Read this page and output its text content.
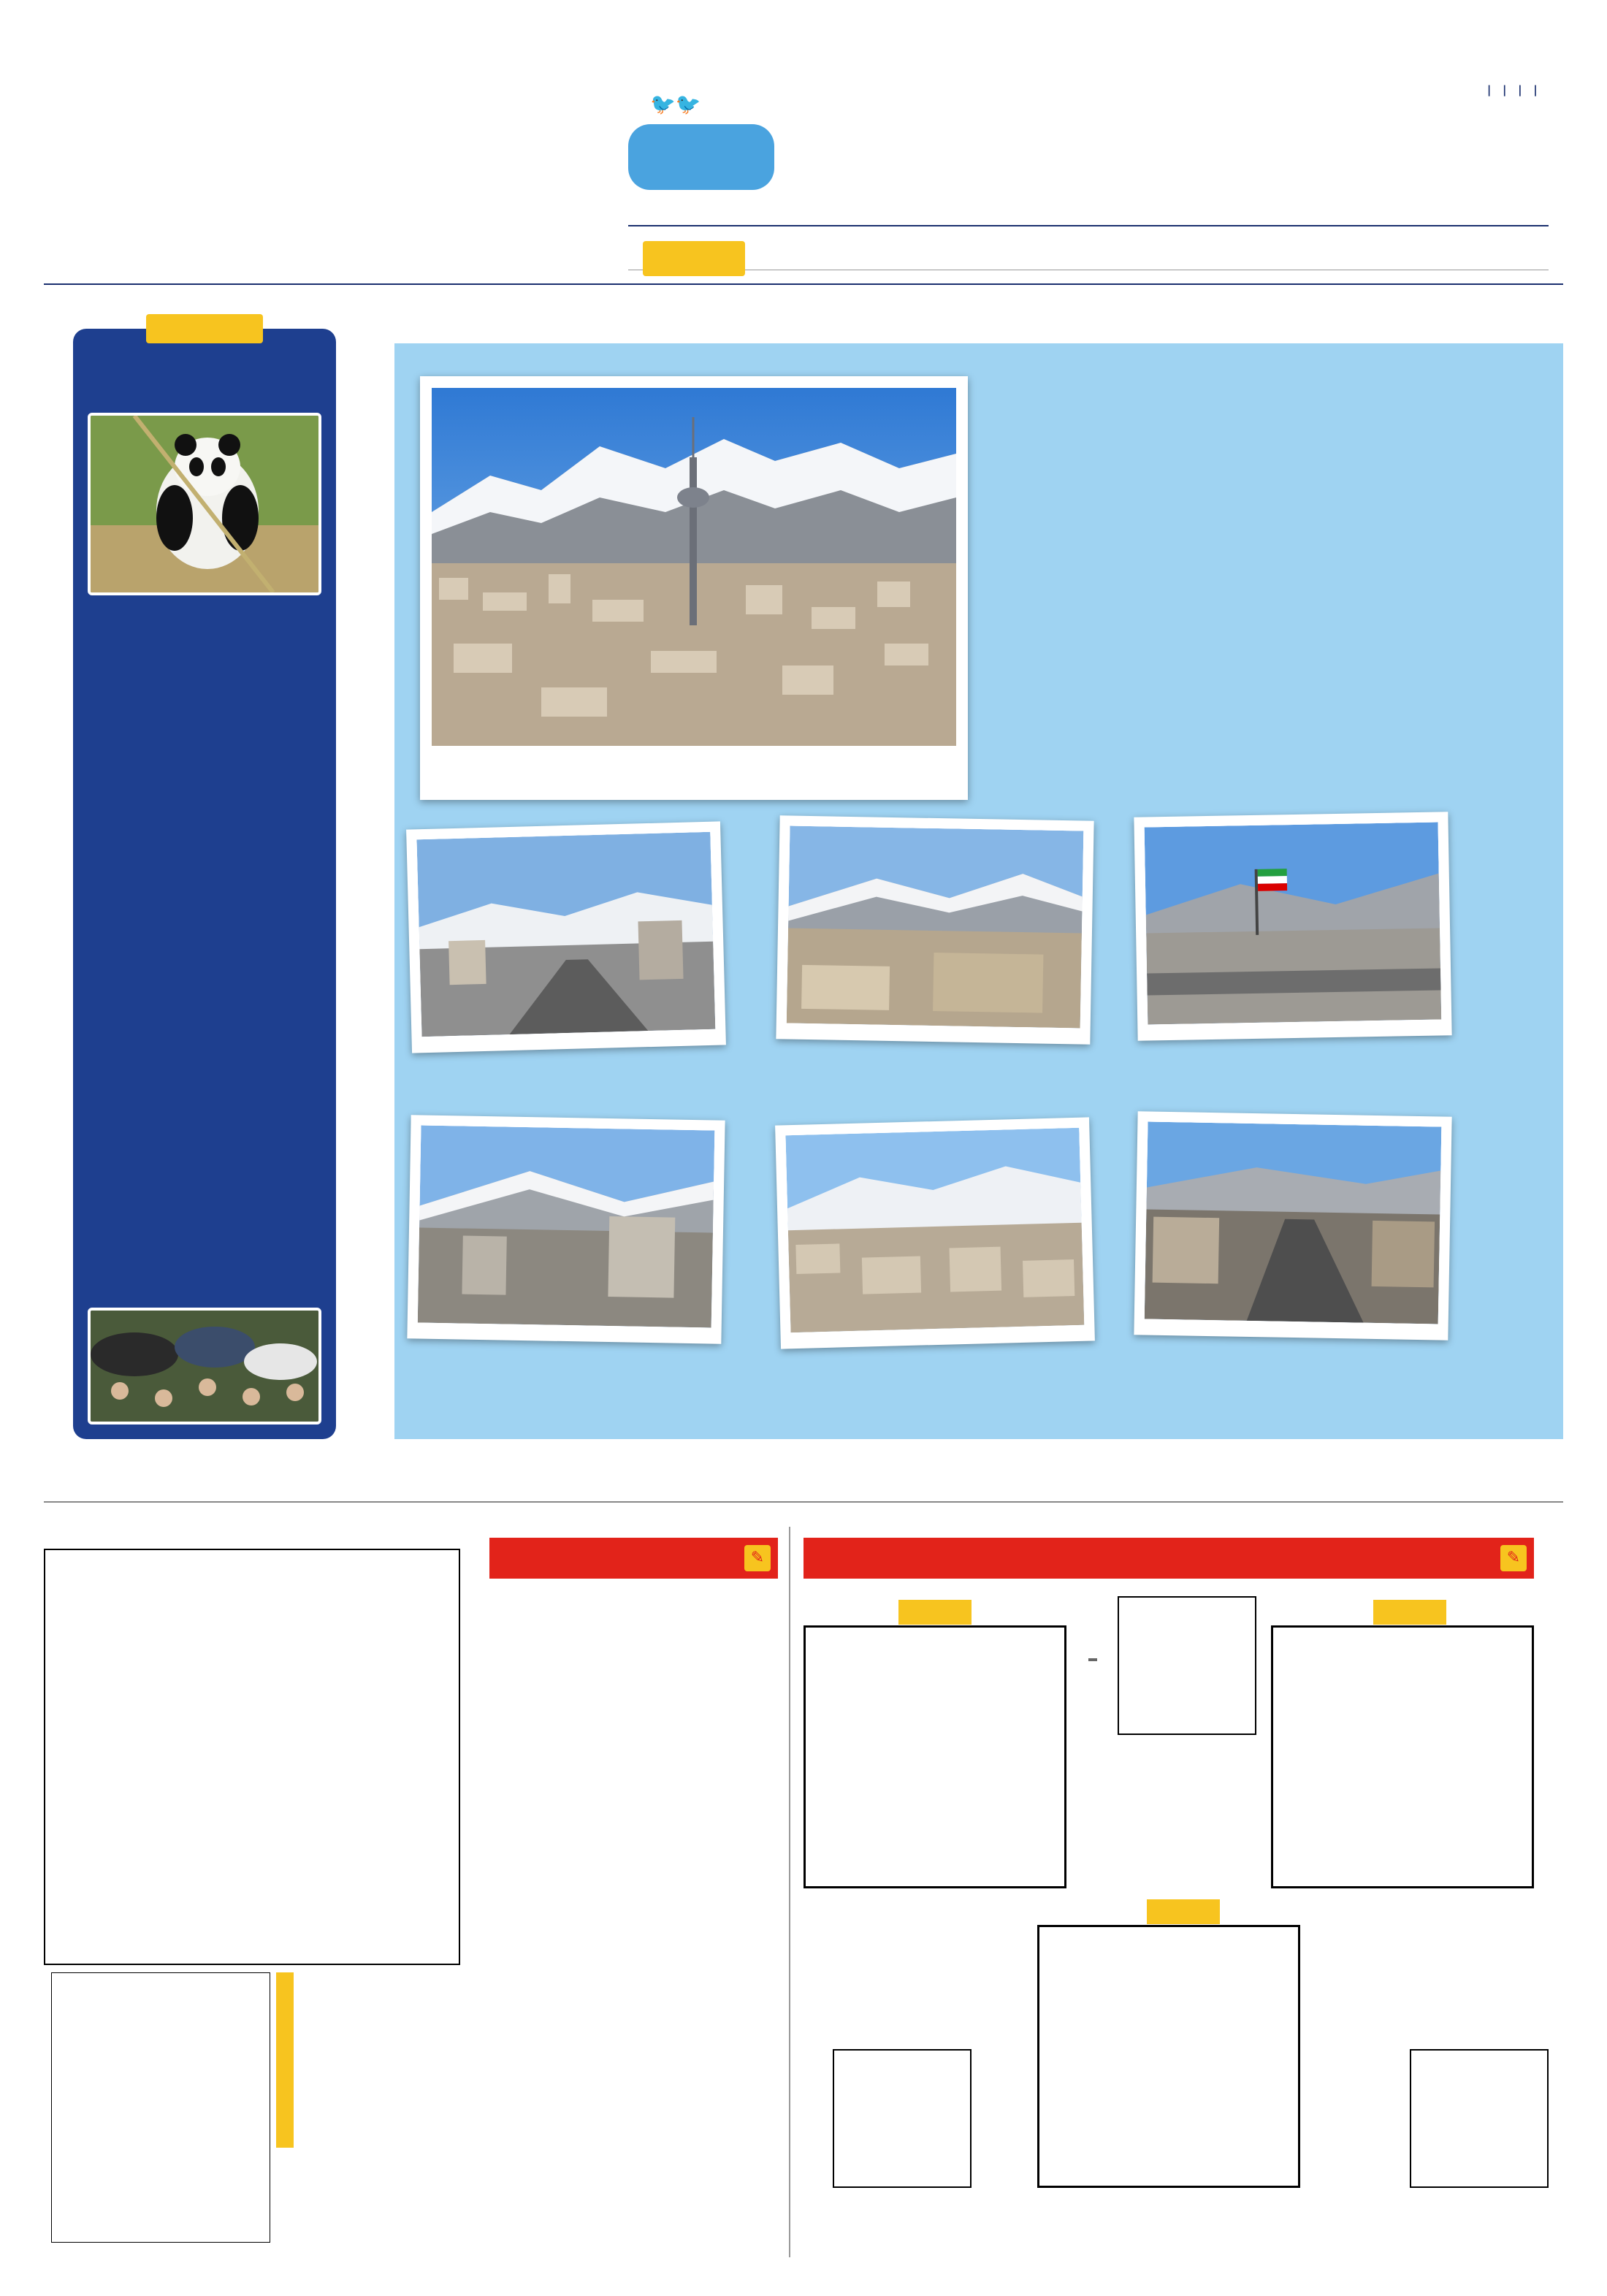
|   |   |   |
🐦🐦
✎
✎
